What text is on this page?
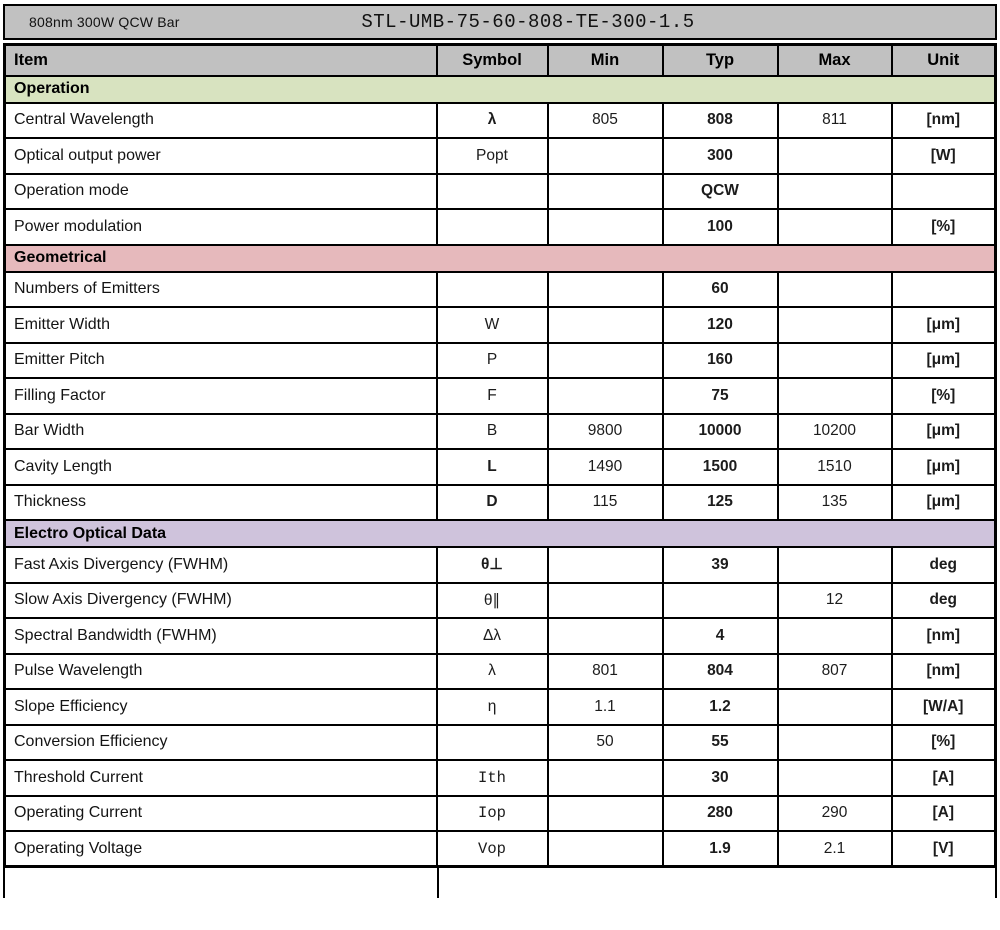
808nm 300W QCW Bar	STL-UMB-75-60-808-TE-300-1.5
Item	Symbol	Min	Typ	Max	Unit
Operation					
Central Wavelength	λ	805	808	811	[nm]
Optical output power	Popt		300		[W]
Operation mode			QCW		
Power modulation			100		[%]
Geometrical					
Numbers of Emitters			60		
Emitter Width	W		120		[μm]
Emitter Pitch	P		160		[μm]
Filling Factor	F		75		[%]
Bar Width	B	9800	10000	10200	[μm]
Cavity Length	L	1490	1500	1510	[μm]
Thickness	D	115	125	135	[μm]
Electro Optical Data					
Fast Axis Divergency (FWHM)	θ⊥		39		deg
Slow Axis Divergency (FWHM)	θ∥			12	deg
Spectral Bandwidth (FWHM)	Δλ		4		[nm]
Pulse Wavelength	λ	801	804	807	[nm]
Slope Efficiency	η	1.1	1.2		[W/A]
Conversion Efficiency		50	55		[%]
Threshold Current	Ith		30		[A]
Operating Current	Iop		280	290	[A]
Operating Voltage	Vop		1.9	2.1	[V]
